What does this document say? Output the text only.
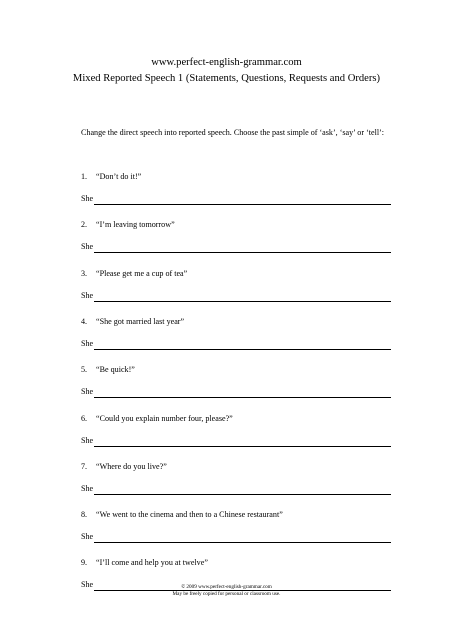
www.perfect-english-grammar.com
Mixed Reported Speech 1 (Statements, Questions, Requests and Orders)
Change the direct speech into reported speech. Choose the past simple of ‘ask’, ‘say’ or ‘tell’:
1. “Don’t do it!”
She
2. “I’m leaving tomorrow”
She
3. “Please get me a cup of tea”
She
4. “She got married last year”
She
5. “Be quick!”
She
6. “Could you explain number four, please?”
She
7. “Where do you live?”
She
8. “We went to the cinema and then to a Chinese restaurant”
She
9. “I’ll come and help you at twelve”
She	© 2009 www.perfect-english-grammar.com
May be freely copied for personal or classroom use.
